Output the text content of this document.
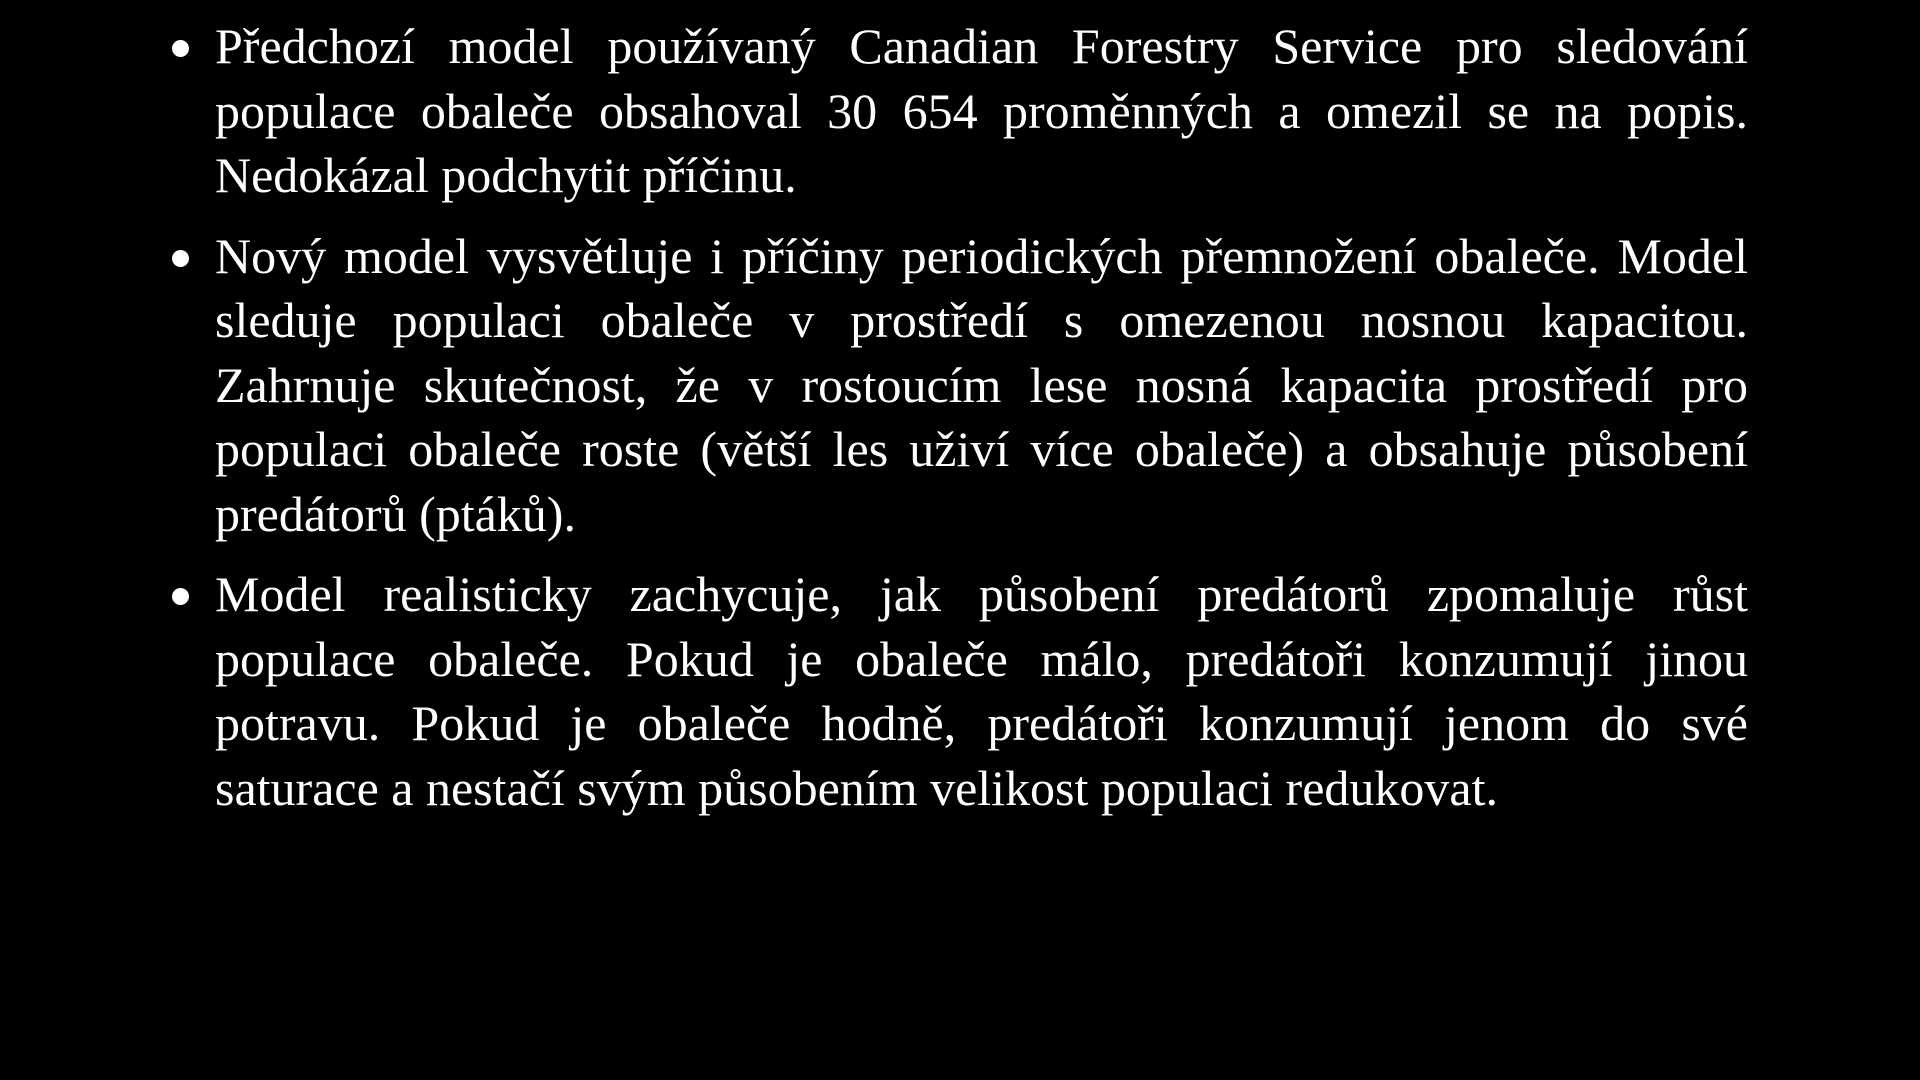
Předchozí model používaný Canadian Forestry Service pro sledování populace obaleče obsahoval 30 654 proměnných a omezil se na popis. Nedokázal podchytit příčinu.
Nový model vysvětluje i příčiny periodických přemnožení obaleče. Model sleduje populaci obaleče v prostředí s omezenou nosnou kapacitou. Zahrnuje skutečnost, že v rostoucím lese nosná kapacita prostředí pro populaci obaleče roste (větší les uživí více obaleče) a obsahuje působení predátorů (ptáků).
Model realisticky zachycuje, jak působení predátorů zpomaluje růst populace obaleče. Pokud je obaleče málo, predátoři konzumují jinou potravu. Pokud je obaleče hodně, predátoři konzumují jenom do své saturace a nestačí svým působením velikost populaci redukovat.
